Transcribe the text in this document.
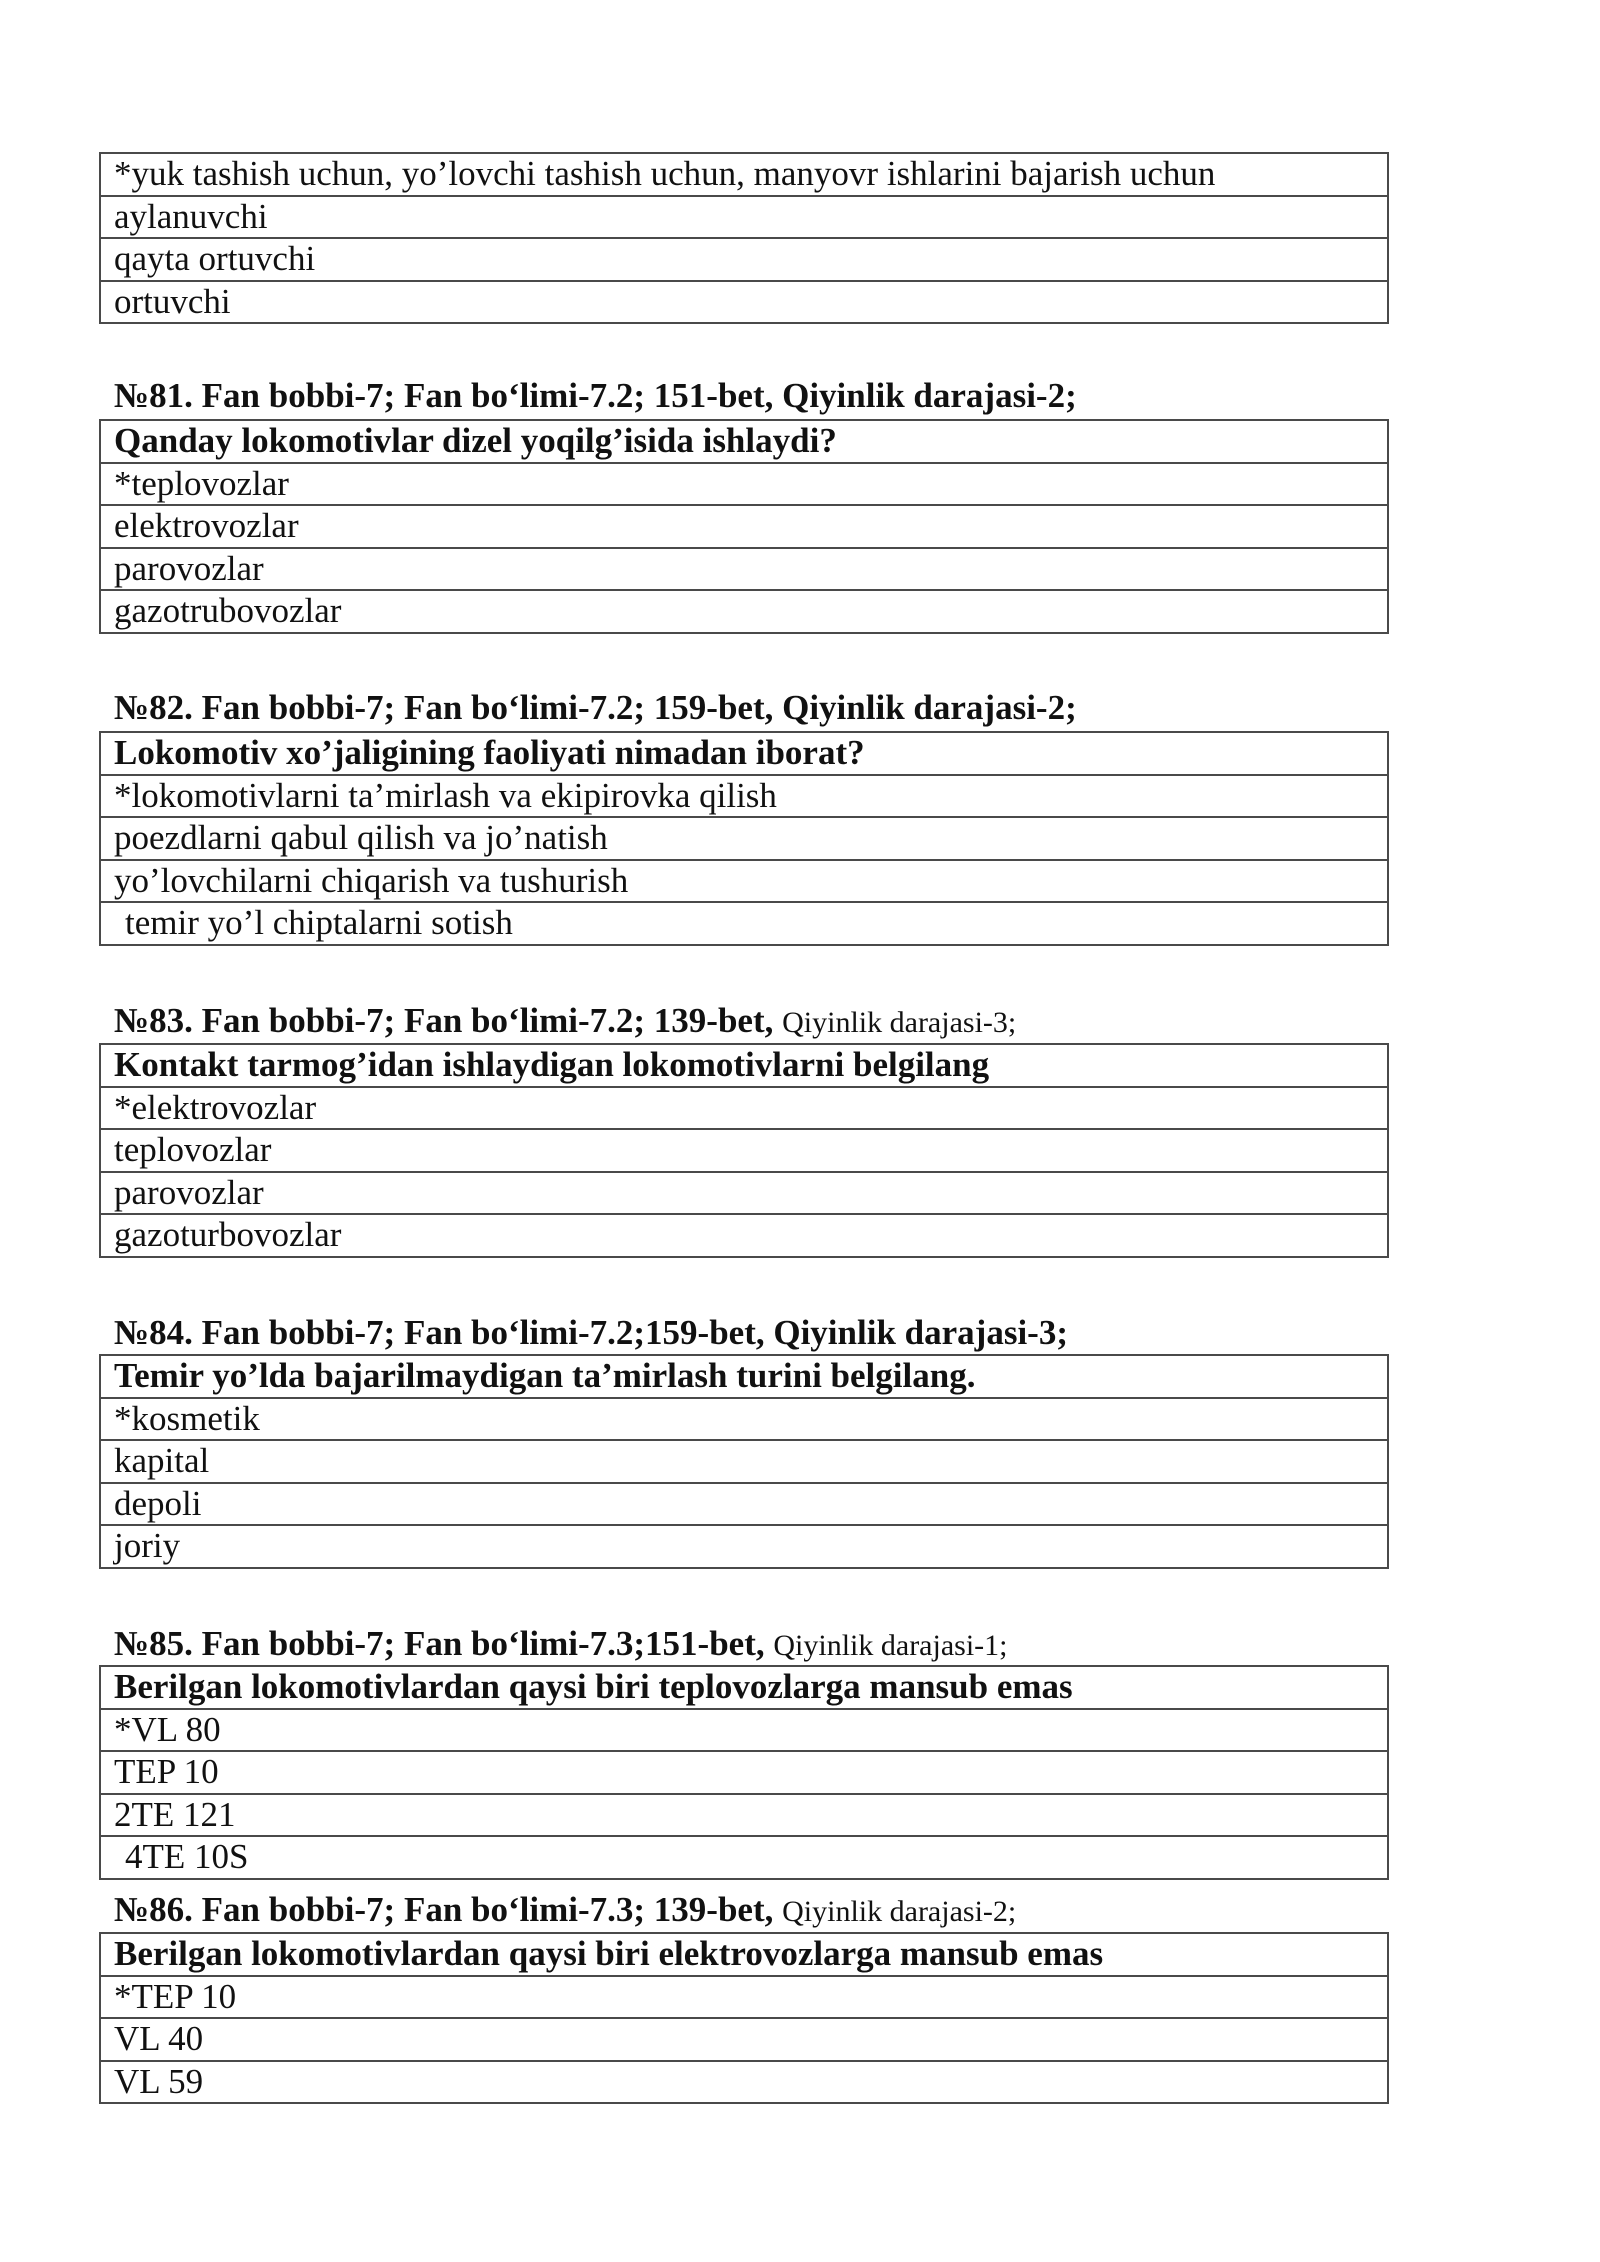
*yuk tashish uchun, yo’lovchi tashish uchun, manyovr ishlarini bajarish uchun
aylanuvchi
qayta ortuvchi
ortuvchi
№81. Fan bobbi-7; Fan bo‘limi-7.2; 151-bet, Qiyinlik darajasi-2;
Qanday lokomotivlar dizel yoqilg’isida ishlaydi?
*teplovozlar
elektrovozlar
parovozlar
gazotrubovozlar
№82. Fan bobbi-7; Fan bo‘limi-7.2; 159-bet, Qiyinlik darajasi-2;
Lokomotiv xo’jaligining faoliyati nimadan iborat?
*lokomotivlarni ta’mirlash va ekipirovka qilish
poezdlarni qabul qilish va jo’natish
yo’lovchilarni chiqarish va tushurish
temir yo’l chiptalarni sotish
№83. Fan bobbi-7; Fan bo‘limi-7.2; 139-bet, Qiyinlik darajasi-3;
Kontakt tarmog’idan ishlaydigan lokomotivlarni belgilang
*elektrovozlar
teplovozlar
parovozlar
gazoturbovozlar
№84. Fan bobbi-7; Fan bo‘limi-7.2;159-bet, Qiyinlik darajasi-3;
Temir yo’lda bajarilmaydigan ta’mirlash turini belgilang.
*kosmetik
kapital
depoli
joriy
№85. Fan bobbi-7; Fan bo‘limi-7.3;151-bet, Qiyinlik darajasi-1;
Berilgan lokomotivlardan qaysi biri teplovozlarga mansub emas
*VL 80
TEP 10
2TE 121
4TE 10S
№86. Fan bobbi-7; Fan bo‘limi-7.3; 139-bet, Qiyinlik darajasi-2;
Berilgan lokomotivlardan qaysi biri elektrovozlarga mansub emas
*TEP 10
VL 40
VL 59
